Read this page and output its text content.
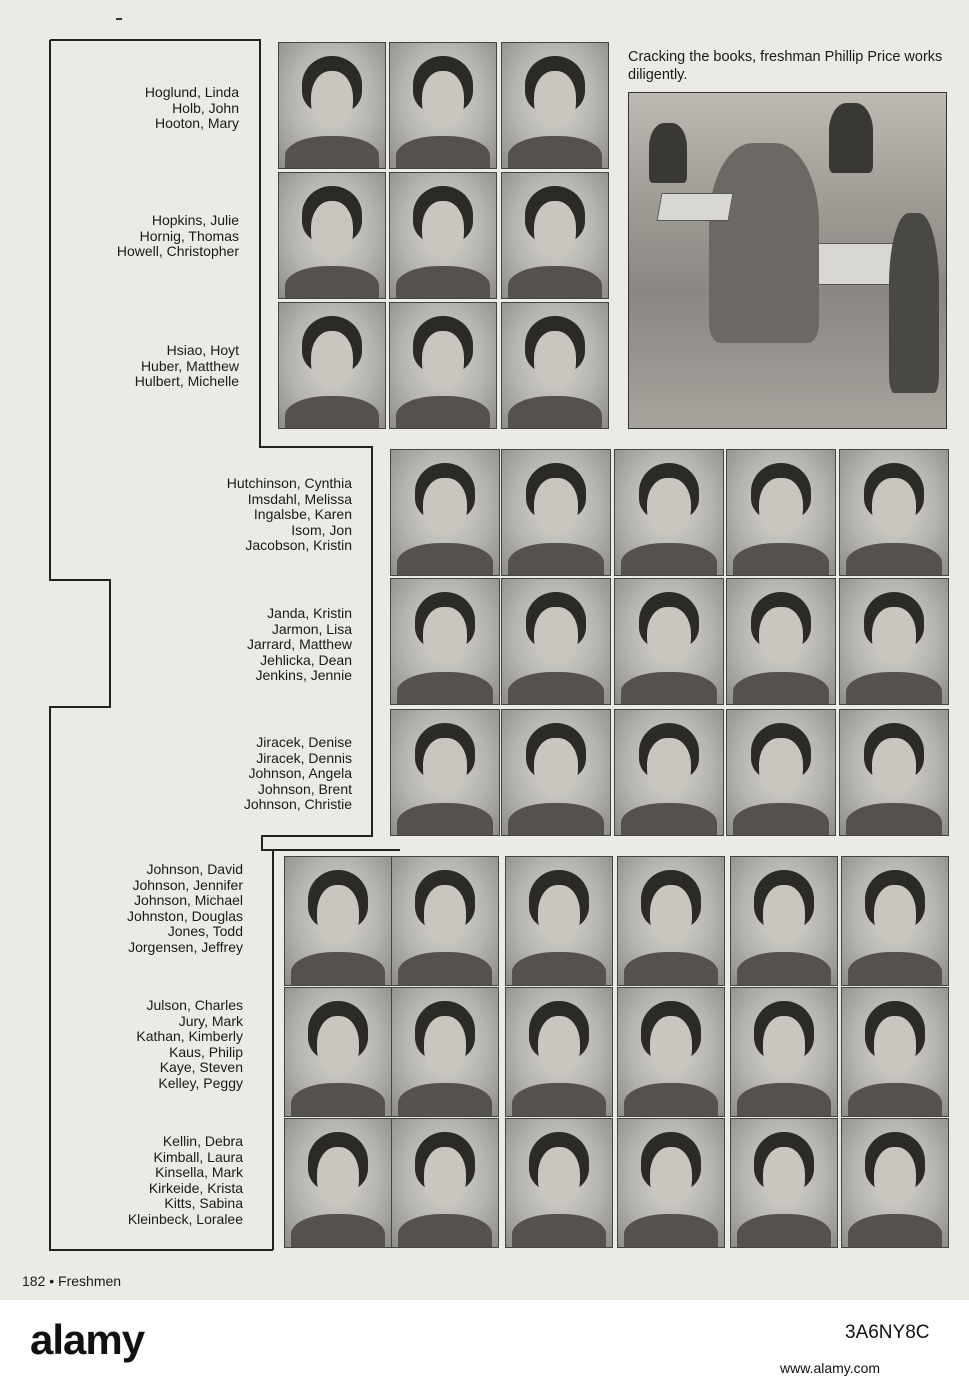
Hoglund, Linda
Holb, John
Hooton, Mary
Hopkins, Julie
Hornig, Thomas
Howell, Christopher
Hsiao, Hoyt
Huber, Matthew
Hulbert, Michelle
Hutchinson, Cynthia
Imsdahl, Melissa
Ingalsbe, Karen
Isom, Jon
Jacobson, Kristin
Janda, Kristin
Jarmon, Lisa
Jarrard, Matthew
Jehlicka, Dean
Jenkins, Jennie
Jiracek, Denise
Jiracek, Dennis
Johnson, Angela
Johnson, Brent
Johnson, Christie
Johnson, David
Johnson, Jennifer
Johnson, Michael
Johnston, Douglas
Jones, Todd
Jorgensen, Jeffrey
Julson, Charles
Jury, Mark
Kathan, Kimberly
Kaus, Philip
Kaye, Steven
Kelley, Peggy
Kellin, Debra
Kimball, Laura
Kinsella, Mark
Kirkeide, Krista
Kitts, Sabina
Kleinbeck, Loralee
Cracking the books, freshman Phillip Price works diligently.
182 • Freshmen
alamy	3A6NY8C
www.alamy.com
